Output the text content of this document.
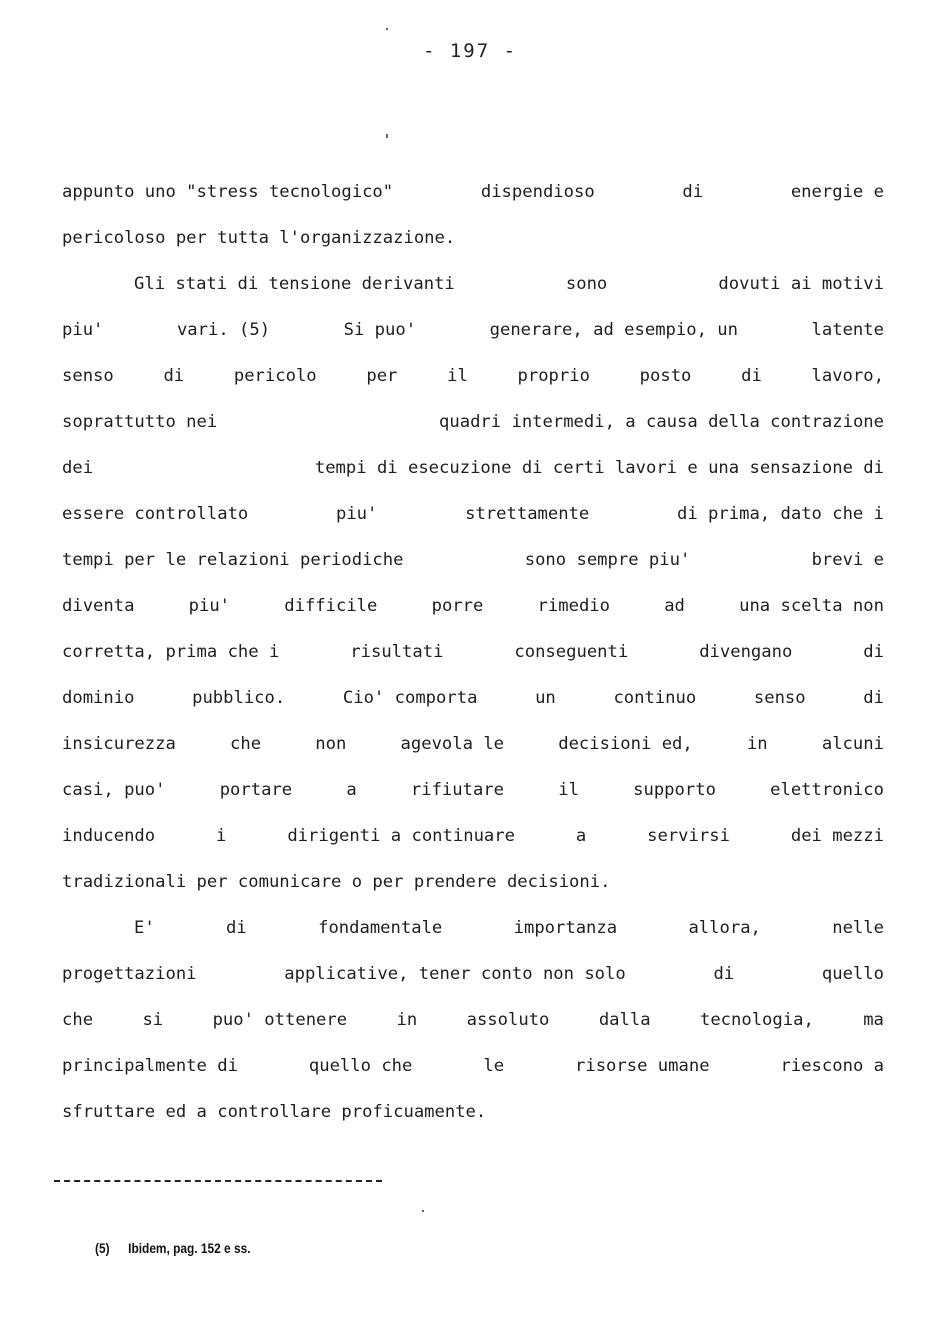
- 197 -
appunto uno "stress tecnologico"	dispendioso	di	energie e
pericoloso per tutta l'organizzazione.
Gli stati di tensione derivanti	sono	dovuti ai motivi
piu'	vari. (5)	Si puo'	generare, ad esempio, un	latente
senso	di	pericolo	per	il	proprio	posto	di	lavoro,
soprattutto nei	quadri intermedi, a causa della contrazione
dei	tempi di esecuzione di certi lavori e una sensazione di
essere controllato	piu'	strettamente	di prima, dato che i
tempi per le relazioni periodiche	sono sempre piu'	brevi e
diventa	piu'	difficile	porre	rimedio	ad	una scelta non
corretta, prima che i	risultati	conseguenti	divengano	di
dominio	pubblico.	Cio' comporta	un	continuo	senso	di
insicurezza	che	non	agevola le	decisioni ed,	in	alcuni
casi, puo'	portare	a	rifiutare	il	supporto	elettronico
inducendo	i	dirigenti a continuare	a	servirsi	dei mezzi
tradizionali per comunicare o per prendere decisioni.
E'	di	fondamentale	importanza	allora,	nelle
progettazioni	applicative, tener conto non solo	di	quello
che	si	puo' ottenere	in	assoluto	dalla	tecnologia,	ma
principalmente di	quello che	le	risorse umane	riescono a
sfruttare ed a controllare proficuamente.
(5) Ibidem, pag. 152 e ss.
